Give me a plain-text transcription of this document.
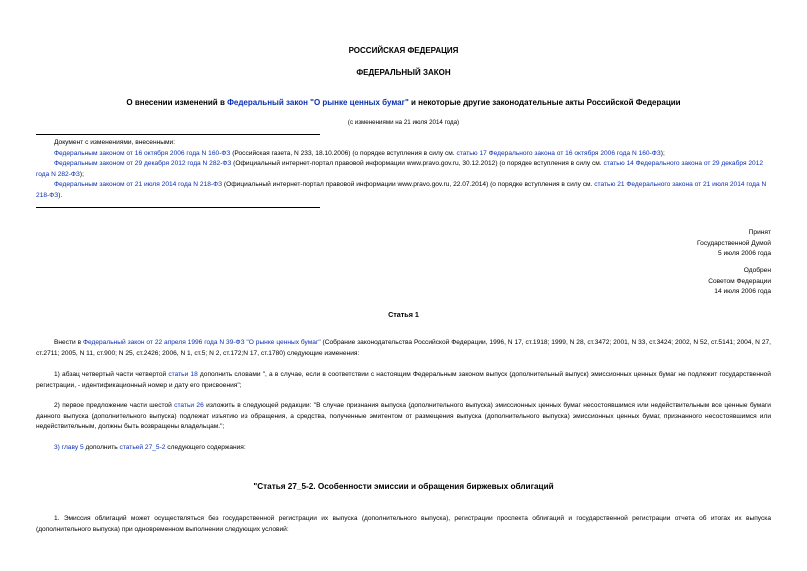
РОССИЙСКАЯ ФЕДЕРАЦИЯ
ФЕДЕРАЛЬНЫЙ ЗАКОН
О внесении изменений в Федеральный закон "О рынке ценных бумаг" и некоторые другие законодательные акты Российской Федерации
(с изменениями на 21 июля 2014 года)

Документ с изменениями, внесенными:

Федеральным законом от 16 октября 2006 года N 160-ФЗ (Российская газета, N 233, 18.10.2006) (о порядке вступления в силу см. статью 17 Федерального закона от 16 октября 2006 года N 160-ФЗ);

Федеральным законом от 29 декабря 2012 года N 282-ФЗ (Официальный интернет-портал правовой информации www.pravo.gov.ru, 30.12.2012) (о порядке вступления в силу см. статью 14 Федерального закона от 29 декабря 2012 года N 282-ФЗ);

Федеральным законом от 21 июля 2014 года N 218-ФЗ (Официальный интернет-портал правовой информации www.pravo.gov.ru, 22.07.2014) (о порядке вступления в силу см. статью 21 Федерального закона от 21 июля 2014 года N 218-ФЗ).

Принят
Государственной Думой
5 июля 2006 года
Одобрен
Советом Федерации
14 июля 2006 года
Статья 1

Внести в Федеральный закон от 22 апреля 1996 года N 39-ФЗ "О рынке ценных бумаг" (Собрание законодательства Российской Федерации, 1996, N 17, ст.1918; 1999, N 28, ст.3472; 2001, N 33, ст.3424; 2002, N 52, ст.5141; 2004, N 27, ст.2711; 2005, N 11, ст.900; N 25, ст.2426; 2006, N 1, ст.5; N 2, ст.172;N 17, ст.1780) следующие изменения:

1) абзац четвертый части четвертой статьи 18 дополнить словами ", а в случае, если в соответствии с настоящим Федеральным законом выпуск (дополнительный выпуск) эмиссионных ценных бумаг не подлежит государственной регистрации, - идентификационный номер и дату его присвоения";

2) первое предложение части шестой статьи 26 изложить в следующей редакции: "В случае признания выпуска (дополнительного выпуска) эмиссионных ценных бумаг несостоявшимся или недействительным все ценные бумаги данного выпуска (дополнительного выпуска) подлежат изъятию из обращения, а средства, полученные эмитентом от размещения выпуска (дополнительного выпуска) эмиссионных ценных бумаг, признанного несостоявшимся или недействительным, должны быть возвращены владельцам.";

3) главу 5 дополнить статьей 27_5-2 следующего содержания:

"Статья 27_5-2. Особенности эмиссии и обращения биржевых облигаций

1. Эмиссия облигаций может осуществляться без государственной регистрации их выпуска (дополнительного выпуска), регистрации проспекта облигаций и государственной регистрации отчета об итогах их выпуска (дополнительного выпуска) при одновременном выполнении следующих условий:
